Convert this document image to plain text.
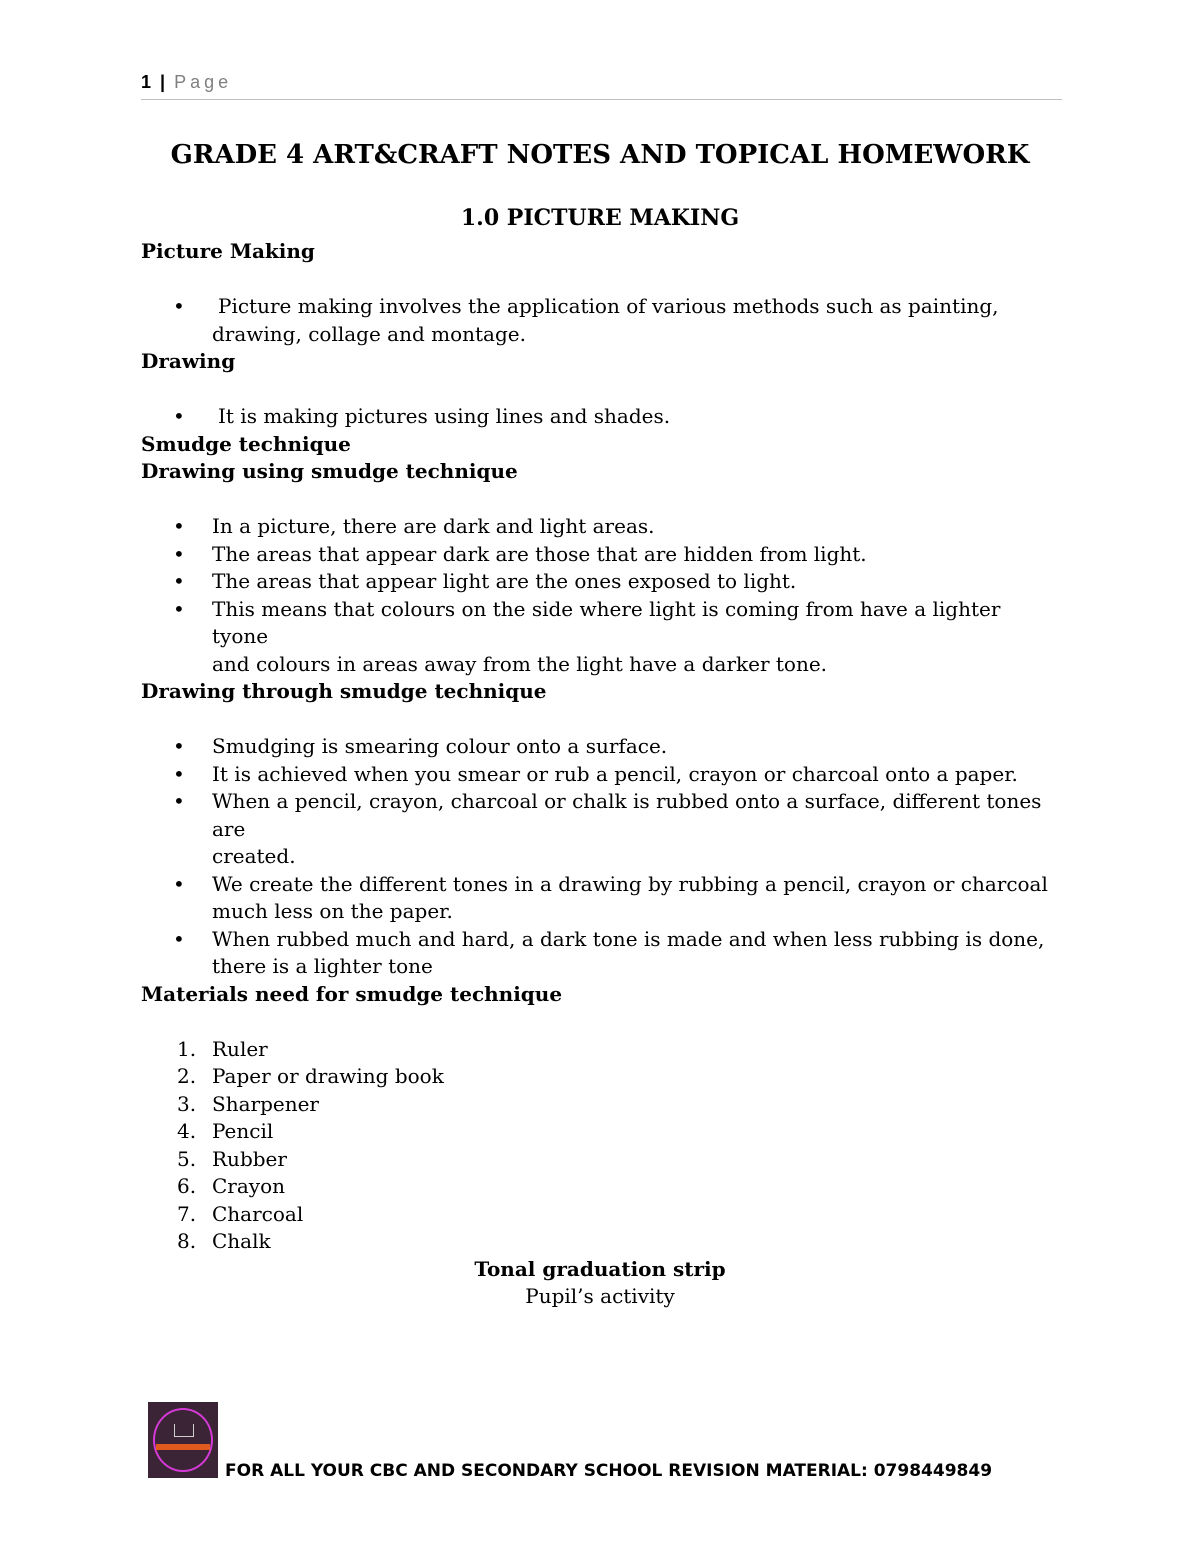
1 | Page
GRADE 4 ART&CRAFT NOTES AND TOPICAL HOMEWORK
1.0 PICTURE MAKING
Picture Making
• Picture making involves the application of various methods such as painting,
drawing, collage and montage.
Drawing
• It is making pictures using lines and shades.
Smudge technique
Drawing using smudge technique
• In a picture, there are dark and light areas.
• The areas that appear dark are those that are hidden from light.
• The areas that appear light are the ones exposed to light.
• This means that colours on the side where light is coming from have a lighter tyone
and colours in areas away from the light have a darker tone.
Drawing through smudge technique
• Smudging is smearing colour onto a surface.
• It is achieved when you smear or rub a pencil, crayon or charcoal onto a paper.
• When a pencil, crayon, charcoal or chalk is rubbed onto a surface, different tones are
created.
• We create the different tones in a drawing by rubbing a pencil, crayon or charcoal
much less on the paper.
• When rubbed much and hard, a dark tone is made and when less rubbing is done,
there is a lighter tone
Materials need for smudge technique
1. Ruler
2. Paper or drawing book
3. Sharpener
4. Pencil
5. Rubber
6. Crayon
7. Charcoal
8. Chalk
Tonal graduation strip
Pupil’s activity
FOR ALL YOUR CBC AND SECONDARY SCHOOL REVISION MATERIAL: 0798449849
